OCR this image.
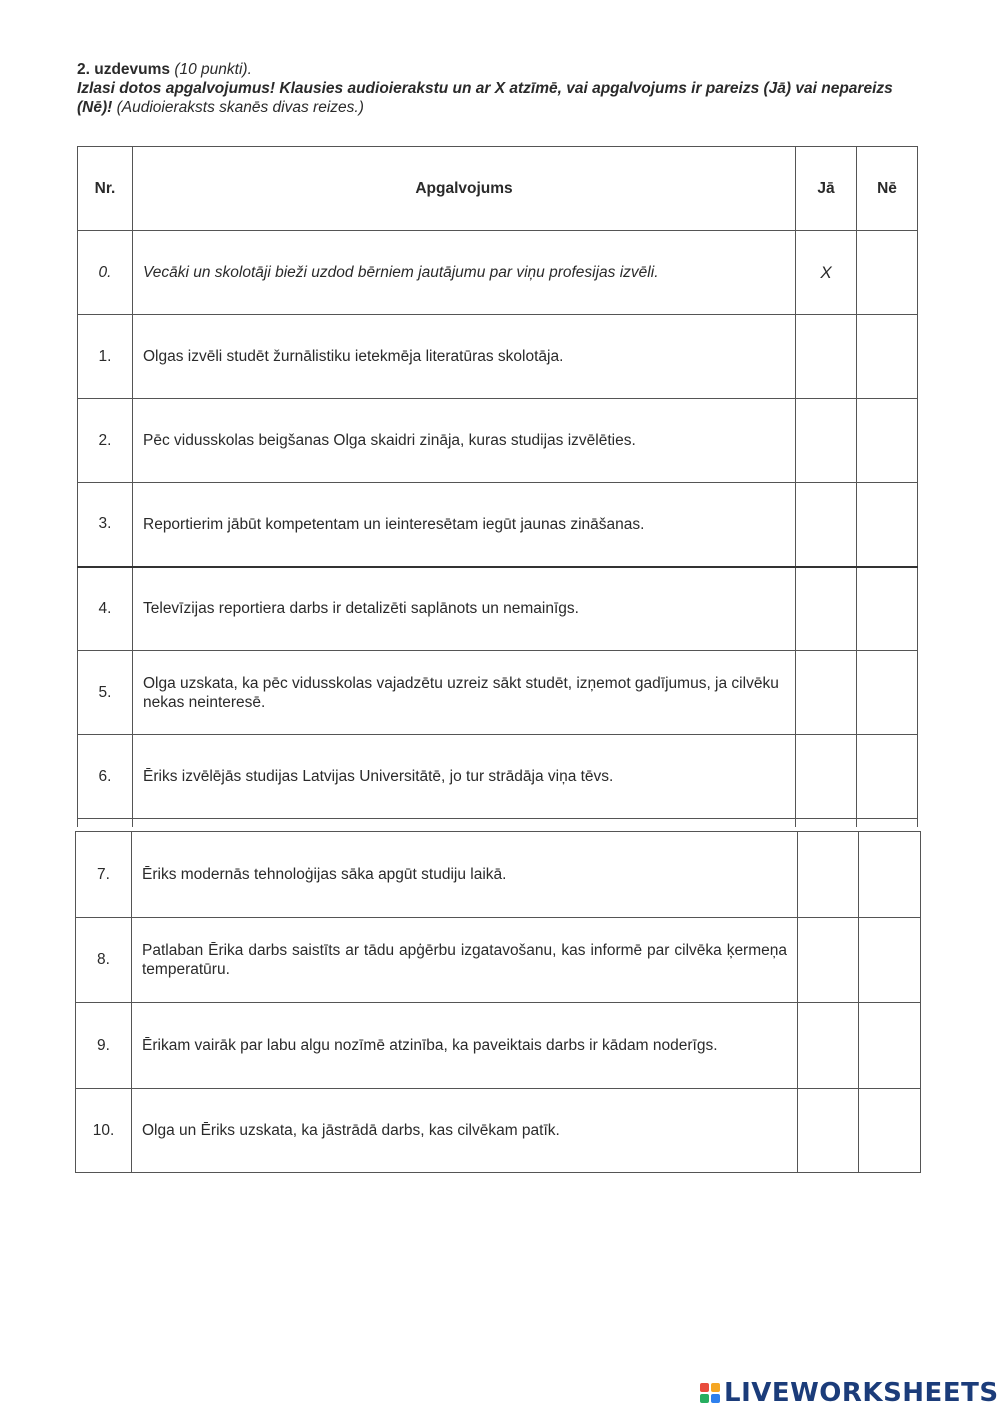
2. uzdevums (10 punkti).
Izlasi dotos apgalvojumus! Klausies audioierakstu un ar X atzīmē, vai apgalvojums ir pareizs (Jā) vai nepareizs (Nē)! (Audioieraksts skanēs divas reizes.)
Nr.	Apgalvojums	Jā	Nē
0.	Vecāki un skolotāji bieži uzdod bērniem jautājumu par viņu profesijas izvēli.	X	
1.	Olgas izvēli studēt žurnālistiku ietekmēja literatūras skolotāja.		
2.	Pēc vidusskolas beigšanas Olga skaidri zināja, kuras studijas izvēlēties.		
3.	Reportierim jābūt kompetentam un ieinteresētam iegūt jaunas zināšanas.		
4.	Televīzijas reportiera darbs ir detalizēti saplānots un nemainīgs.		
5.	Olga uzskata, ka pēc vidusskolas vajadzētu uzreiz sākt studēt, izņemot gadījumus, ja cilvēku nekas neinteresē.		
6.	Ēriks izvēlējās studijas Latvijas Universitātē, jo tur strādāja viņa tēvs.		

7.	Ēriks modernās tehnoloģijas sāka apgūt studiju laikā.		
8.	Patlaban Ērika darbs saistīts ar tādu apģērbu izgatavošanu, kas informē par cilvēka ķermeņa temperatūru.		
9.	Ērikam vairāk par labu algu nozīmē atzinība, ka paveiktais darbs ir kādam noderīgs.		
10.	Olga un Ēriks uzskata, ka jāstrādā darbs, kas cilvēkam patīk.		
LIVEWORKSHEETS
